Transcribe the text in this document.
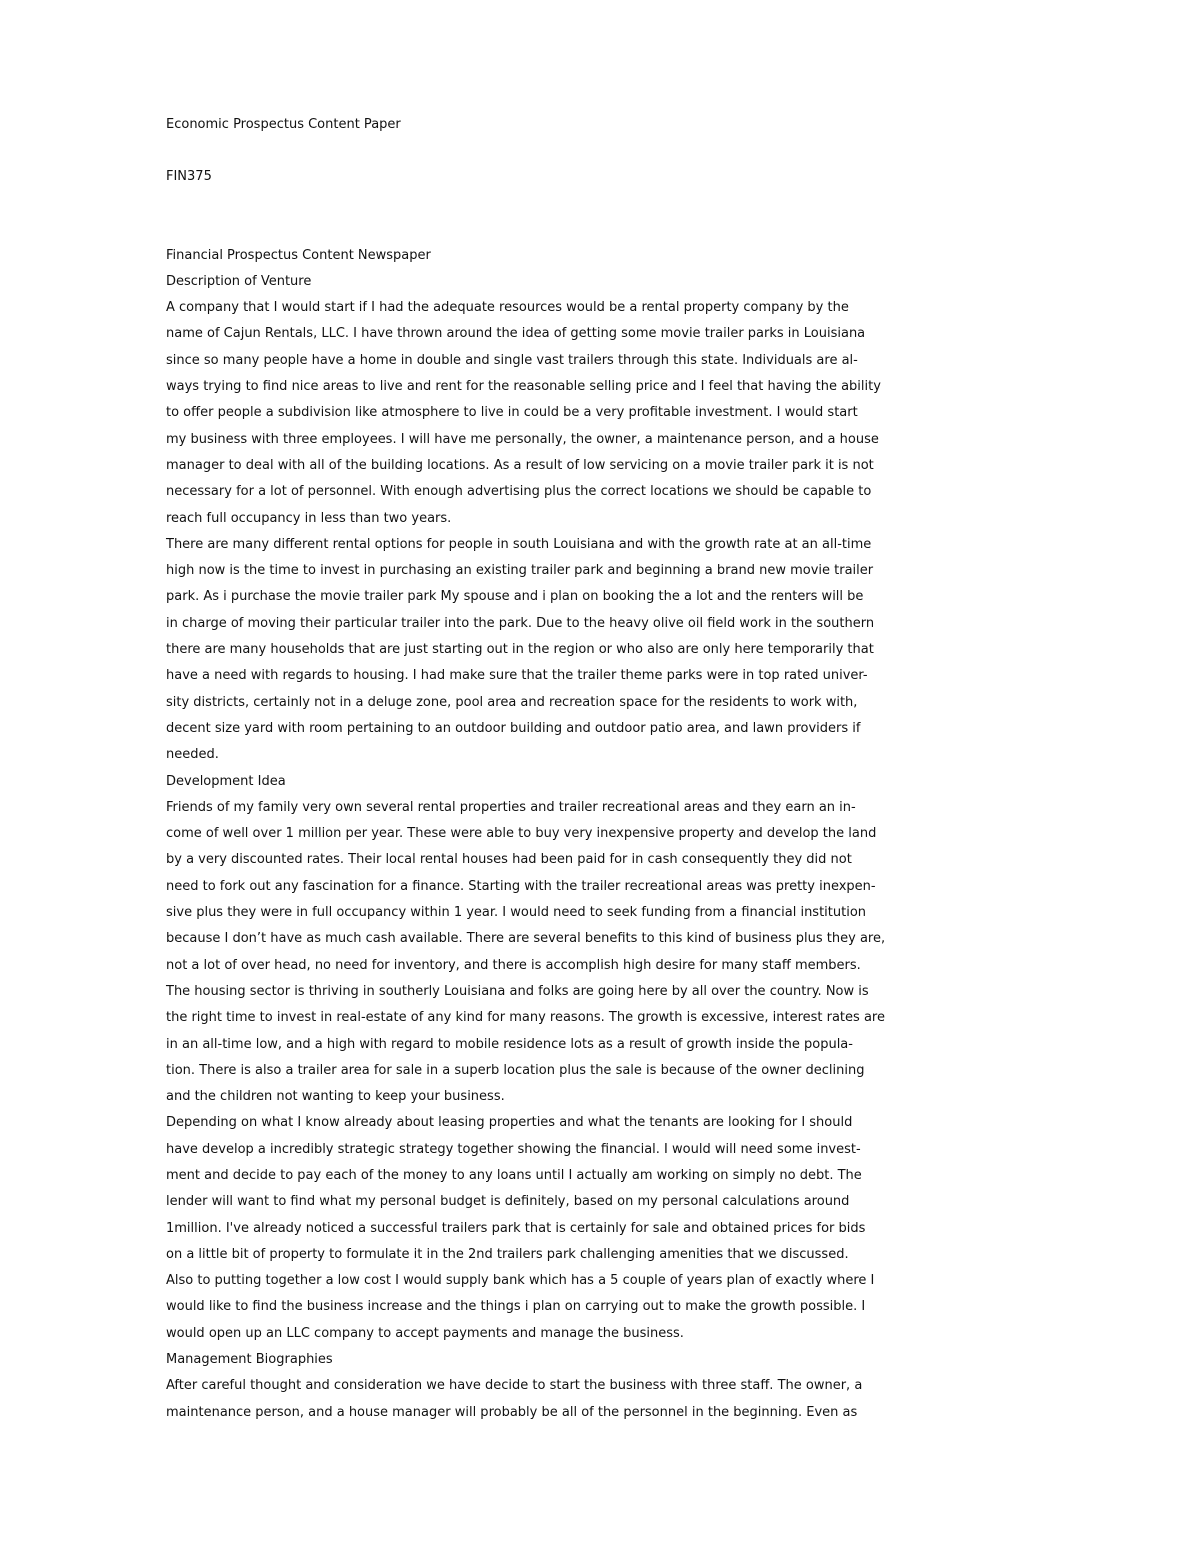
Economic Prospectus Content Paper
FIN375
Financial Prospectus Content Newspaper
Description of Venture
A company that I would start if I had the adequate resources would be a rental property company by the
name of Cajun Rentals, LLC. I have thrown around the idea of getting some movie trailer parks in Louisiana
since so many people have a home in double and single vast trailers through this state. Individuals are al-
ways trying to find nice areas to live and rent for the reasonable selling price and I feel that having the ability
to offer people a subdivision like atmosphere to live in could be a very profitable investment. I would start
my business with three employees. I will have me personally, the owner, a maintenance person, and a house
manager to deal with all of the building locations. As a result of low servicing on a movie trailer park it is not
necessary for a lot of personnel. With enough advertising plus the correct locations we should be capable to
reach full occupancy in less than two years.
There are many different rental options for people in south Louisiana and with the growth rate at an all-time
high now is the time to invest in purchasing an existing trailer park and beginning a brand new movie trailer
park. As i purchase the movie trailer park My spouse and i plan on booking the a lot and the renters will be
in charge of moving their particular trailer into the park. Due to the heavy olive oil field work in the southern
there are many households that are just starting out in the region or who also are only here temporarily that
have a need with regards to housing. I had make sure that the trailer theme parks were in top rated univer-
sity districts, certainly not in a deluge zone, pool area and recreation space for the residents to work with,
decent size yard with room pertaining to an outdoor building and outdoor patio area, and lawn providers if
needed.
Development Idea
Friends of my family very own several rental properties and trailer recreational areas and they earn an in-
come of well over 1 million per year. These were able to buy very inexpensive property and develop the land
by a very discounted rates. Their local rental houses had been paid for in cash consequently they did not
need to fork out any fascination for a finance. Starting with the trailer recreational areas was pretty inexpen-
sive plus they were in full occupancy within 1 year. I would need to seek funding from a financial institution
because I don’t have as much cash available. There are several benefits to this kind of business plus they are,
not a lot of over head, no need for inventory, and there is accomplish high desire for many staff members.
The housing sector is thriving in southerly Louisiana and folks are going here by all over the country. Now is
the right time to invest in real-estate of any kind for many reasons. The growth is excessive, interest rates are
in an all-time low, and a high with regard to mobile residence lots as a result of growth inside the popula-
tion. There is also a trailer area for sale in a superb location plus the sale is because of the owner declining
and the children not wanting to keep your business.
Depending on what I know already about leasing properties and what the tenants are looking for I should
have develop a incredibly strategic strategy together showing the financial. I would will need some invest-
ment and decide to pay each of the money to any loans until I actually am working on simply no debt. The
lender will want to find what my personal budget is definitely, based on my personal calculations around
1million. I've already noticed a successful trailers park that is certainly for sale and obtained prices for bids
on a little bit of property to formulate it in the 2nd trailers park challenging amenities that we discussed.
Also to putting together a low cost I would supply bank which has a 5 couple of years plan of exactly where I
would like to find the business increase and the things i plan on carrying out to make the growth possible. I
would open up an LLC company to accept payments and manage the business.
Management Biographies
After careful thought and consideration we have decide to start the business with three staff. The owner, a
maintenance person, and a house manager will probably be all of the personnel in the beginning. Even as
